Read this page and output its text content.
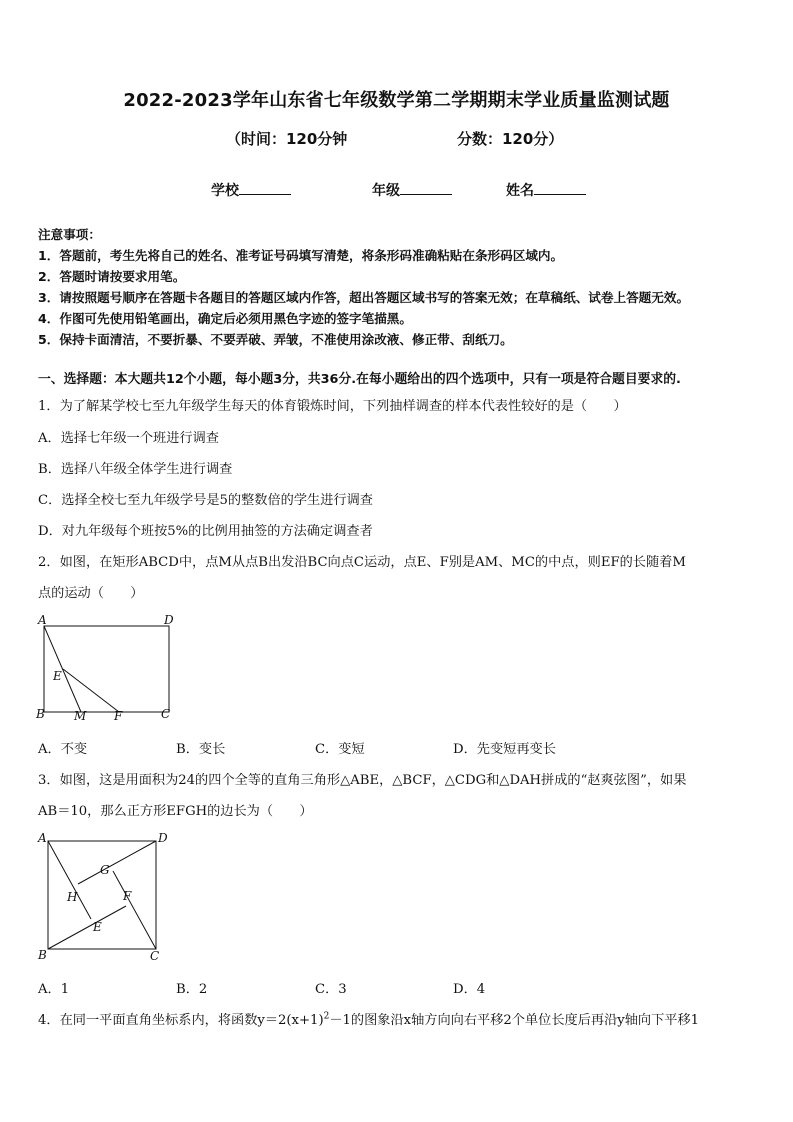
2022-2023学年山东省七年级数学第二学期期末学业质量监测试题
（时间：120分钟	分数：120分）
学校	年级	姓名
注意事项：
1．答题前，考生先将自己的姓名、准考证号码填写清楚，将条形码准确粘贴在条形码区域内。
2．答题时请按要求用笔。
3．请按照题号顺序在答题卡各题目的答题区域内作答，超出答题区域书写的答案无效；在草稿纸、试卷上答题无效。
4．作图可先使用铅笔画出，确定后必须用黑色字迹的签字笔描黑。
5．保持卡面清洁，不要折暴、不要弄破、弄皱，不准使用涂改液、修正带、刮纸刀。
一、选择题：本大题共12个小题，每小题3分，共36分.在每小题给出的四个选项中，只有一项是符合题目要求的.
1．为了解某学校七至九年级学生每天的体育锻炼时间，下列抽样调查的样本代表性较好的是（　　）
A．选择七年级一个班进行调查
B．选择八年级全体学生进行调查
C．选择全校七至九年级学号是5的整数倍的学生进行调查
D．对九年级每个班按5%的比例用抽签的方法确定调查者
2．如图，在矩形ABCD中，点M从点B出发沿BC向点C运动，点E、F别是AM、MC的中点，则EF的长随着M
点的运动（　　）
A	D
E
B M F	C
A．不变	B．变长	C．变短	D．先变短再变长
3．如图，这是用面积为24的四个全等的直角三角形△ABE，△BCF，△CDG和△DAH拼成的“赵爽弦图”，如果
AB＝10，那么正方形EFGH的边长为（　　）
A	D
G
H	F
E
B	C
A．1	B．2	C．3	D．4
4．在同一平面直角坐标系内，将函数$y=2(x+1)^2-1$的图象沿x轴方向向右平移2个单位长度后再沿y轴向下平移1
